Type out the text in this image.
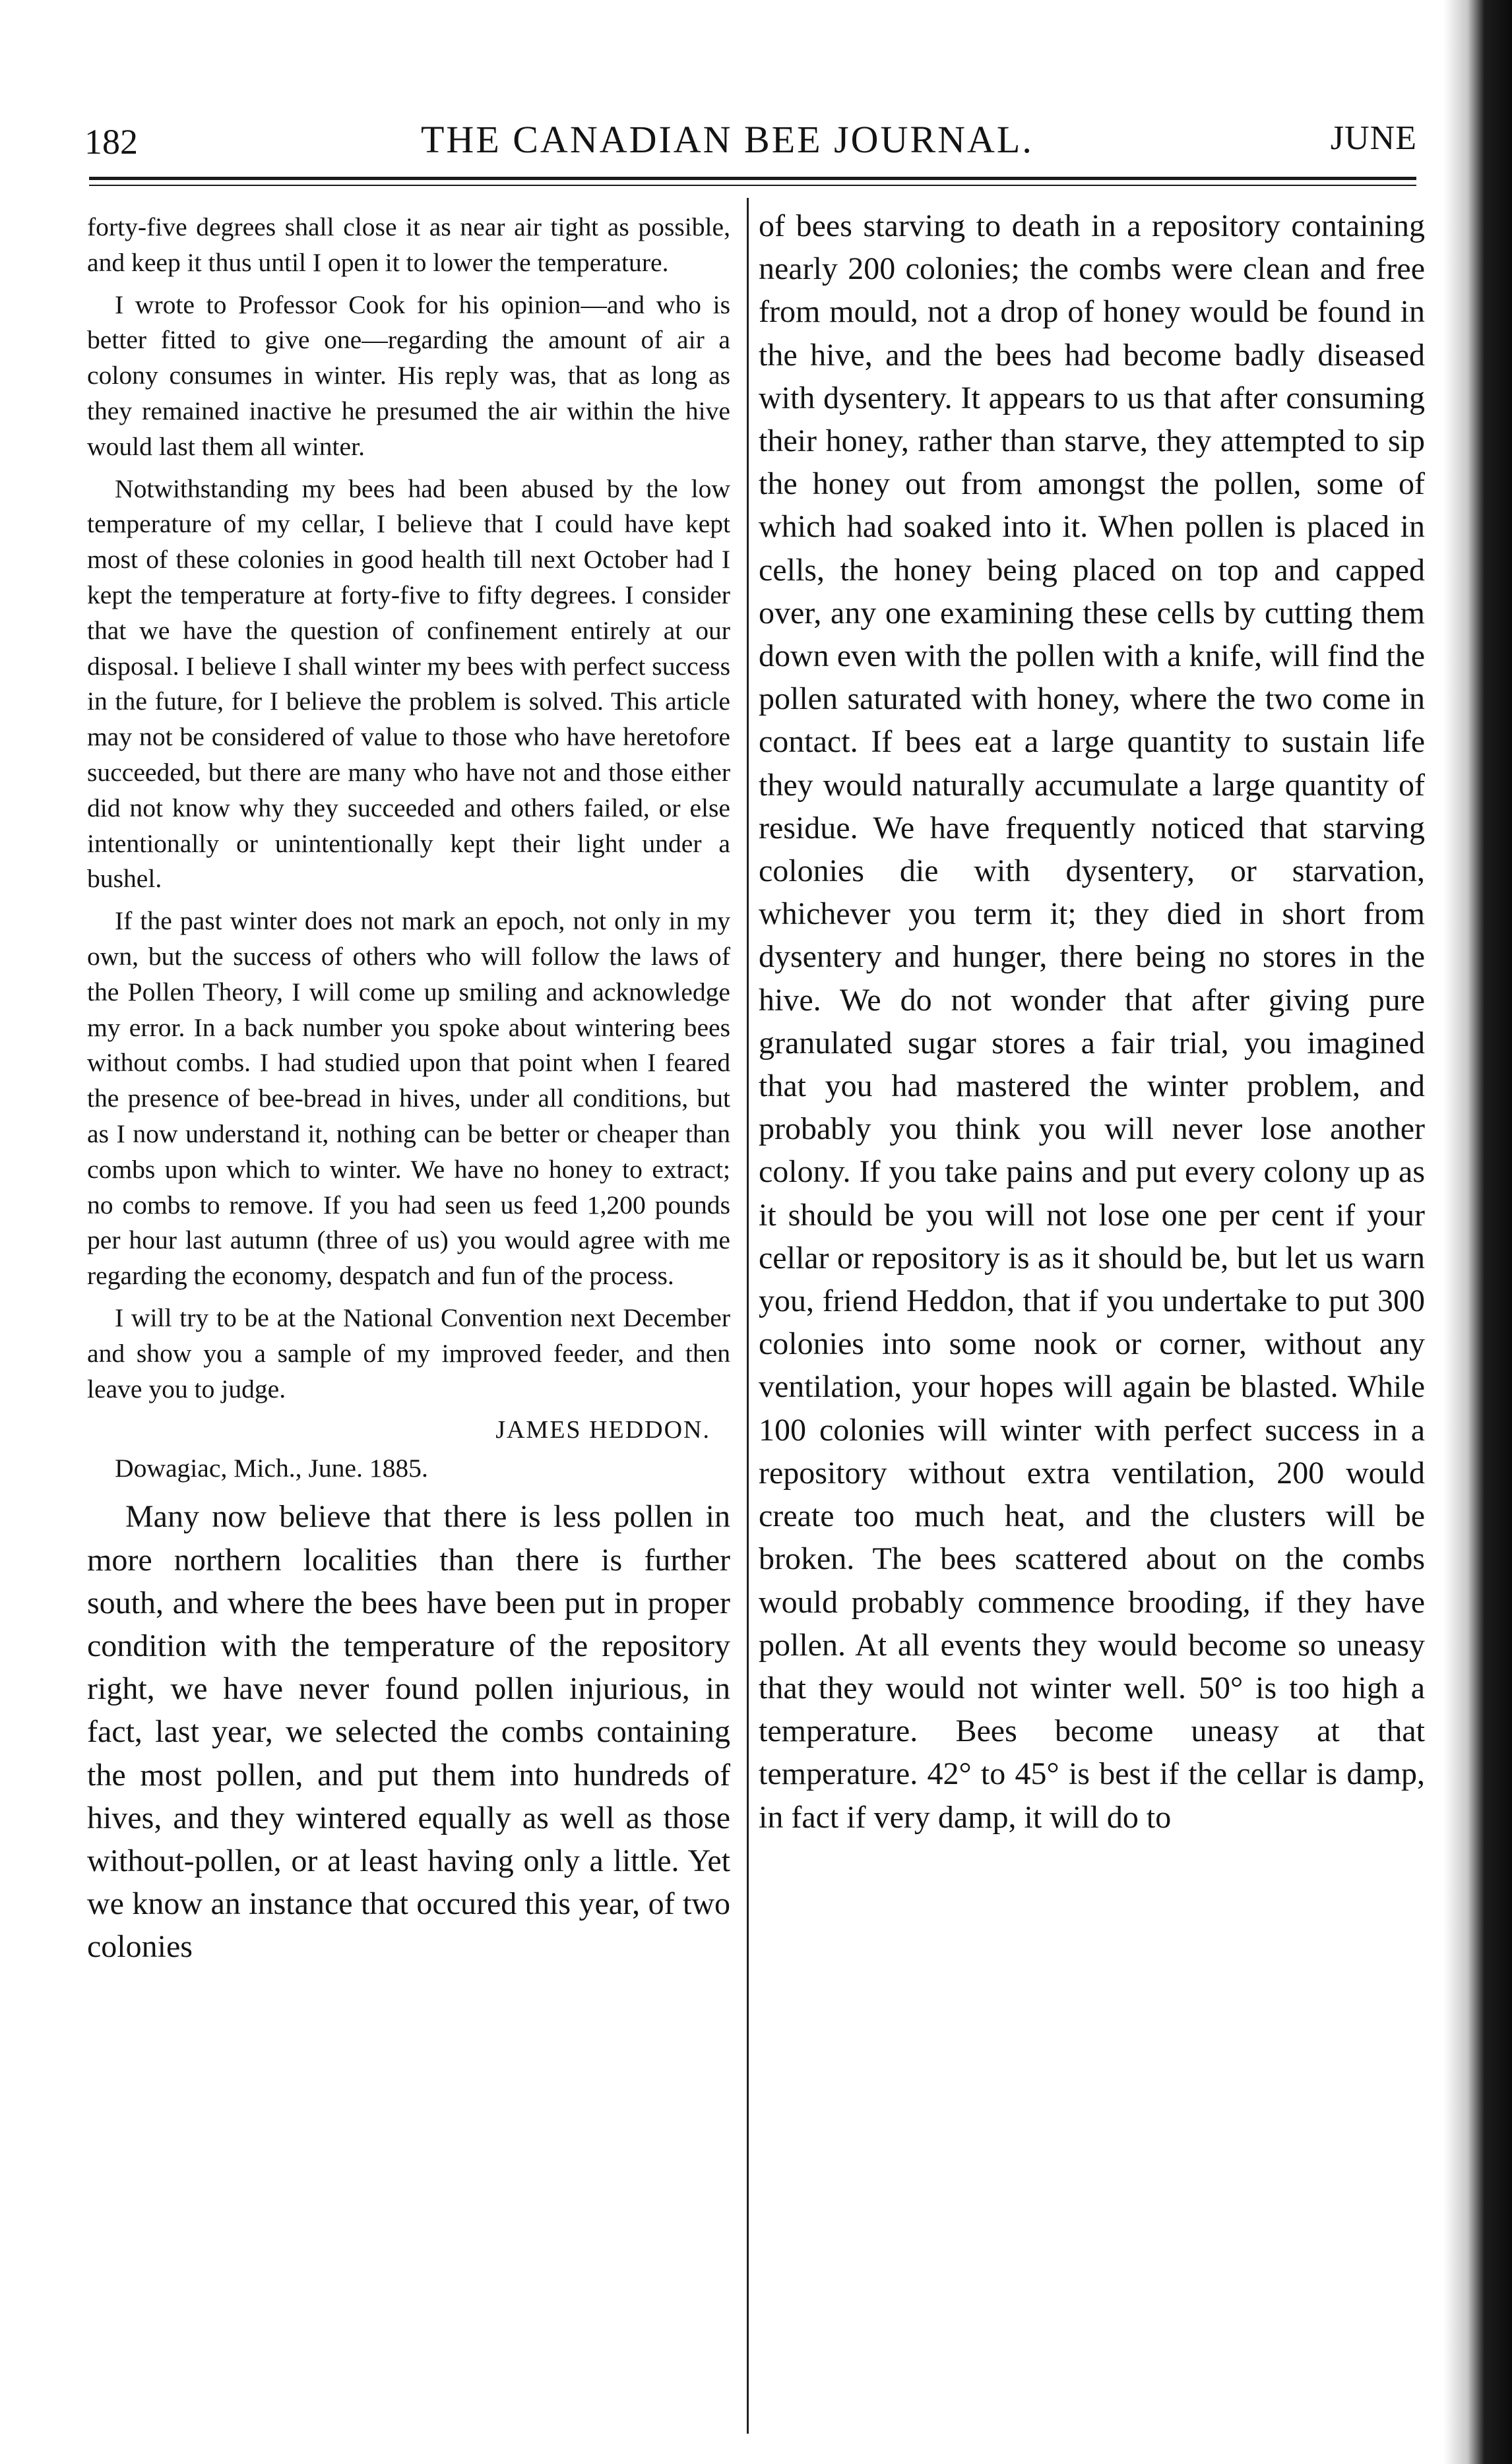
182	THE CANADIAN BEE JOURNAL.	JUNE

forty-five degrees shall close it as near air tight as possible, and keep it thus until I open it to lower the temperature.

I wrote to Professor Cook for his opinion—and who is better fitted to give one—regarding the amount of air a colony consumes in winter. His reply was, that as long as they remained inactive he presumed the air within the hive would last them all winter.

Notwithstanding my bees had been abused by the low temperature of my cellar, I believe that I could have kept most of these colonies in good health till next October had I kept the temperature at forty-five to fifty degrees. I consider that we have the question of confinement entirely at our disposal. I believe I shall winter my bees with perfect success in the future, for I believe the problem is solved. This article may not be considered of value to those who have heretofore succeeded, but there are many who have not and those either did not know why they succeeded and others failed, or else intentionally or unintentionally kept their light under a bushel.

If the past winter does not mark an epoch, not only in my own, but the success of others who will follow the laws of the Pollen Theory, I will come up smiling and acknowledge my error. In a back number you spoke about wintering bees without combs. I had studied upon that point when I feared the presence of bee-bread in hives, under all conditions, but as I now understand it, nothing can be better or cheaper than combs upon which to winter. We have no honey to extract; no combs to remove. If you had seen us feed 1,200 pounds per hour last autumn (three of us) you would agree with me regarding the economy, despatch and fun of the process.

I will try to be at the National Convention next December and show you a sample of my improved feeder, and then leave you to judge.

JAMES HEDDON.
Dowagiac, Mich., June. 1885.

Many now believe that there is less pollen in more northern localities than there is further south, and where the bees have been put in proper condition with the temperature of the repository right, we have never found pollen injurious, in fact, last year, we selected the combs containing the most pollen, and put them into hundreds of hives, and they wintered equally as well as those without-pollen, or at least having only a little. Yet we know an instance that occured this year, of two colonies

of bees starving to death in a repository containing nearly 200 colonies; the combs were clean and free from mould, not a drop of honey would be found in the hive, and the bees had become badly diseased with dysentery. It appears to us that after consuming their honey, rather than starve, they attempted to sip the honey out from amongst the pollen, some of which had soaked into it. When pollen is placed in cells, the honey being placed on top and capped over, any one examining these cells by cutting them down even with the pollen with a knife, will find the pollen saturated with honey, where the two come in contact. If bees eat a large quantity to sustain life they would naturally accumulate a large quantity of residue. We have frequently noticed that starving colonies die with dysentery, or starvation, whichever you term it; they died in short from dysentery and hunger, there being no stores in the hive. We do not wonder that after giving pure granulated sugar stores a fair trial, you imagined that you had mastered the winter problem, and probably you think you will never lose another colony. If you take pains and put every colony up as it should be you will not lose one per cent if your cellar or repository is as it should be, but let us warn you, friend Heddon, that if you undertake to put 300 colonies into some nook or corner, without any ventilation, your hopes will again be blasted. While 100 colonies will winter with perfect success in a repository without extra ventilation, 200 would create too much heat, and the clusters will be broken. The bees scattered about on the combs would probably commence brooding, if they have pollen. At all events they would become so uneasy that they would not winter well. 50° is too high a temperature. Bees become uneasy at that temperature. 42° to 45° is best if the cellar is damp, in fact if very damp, it will do to
